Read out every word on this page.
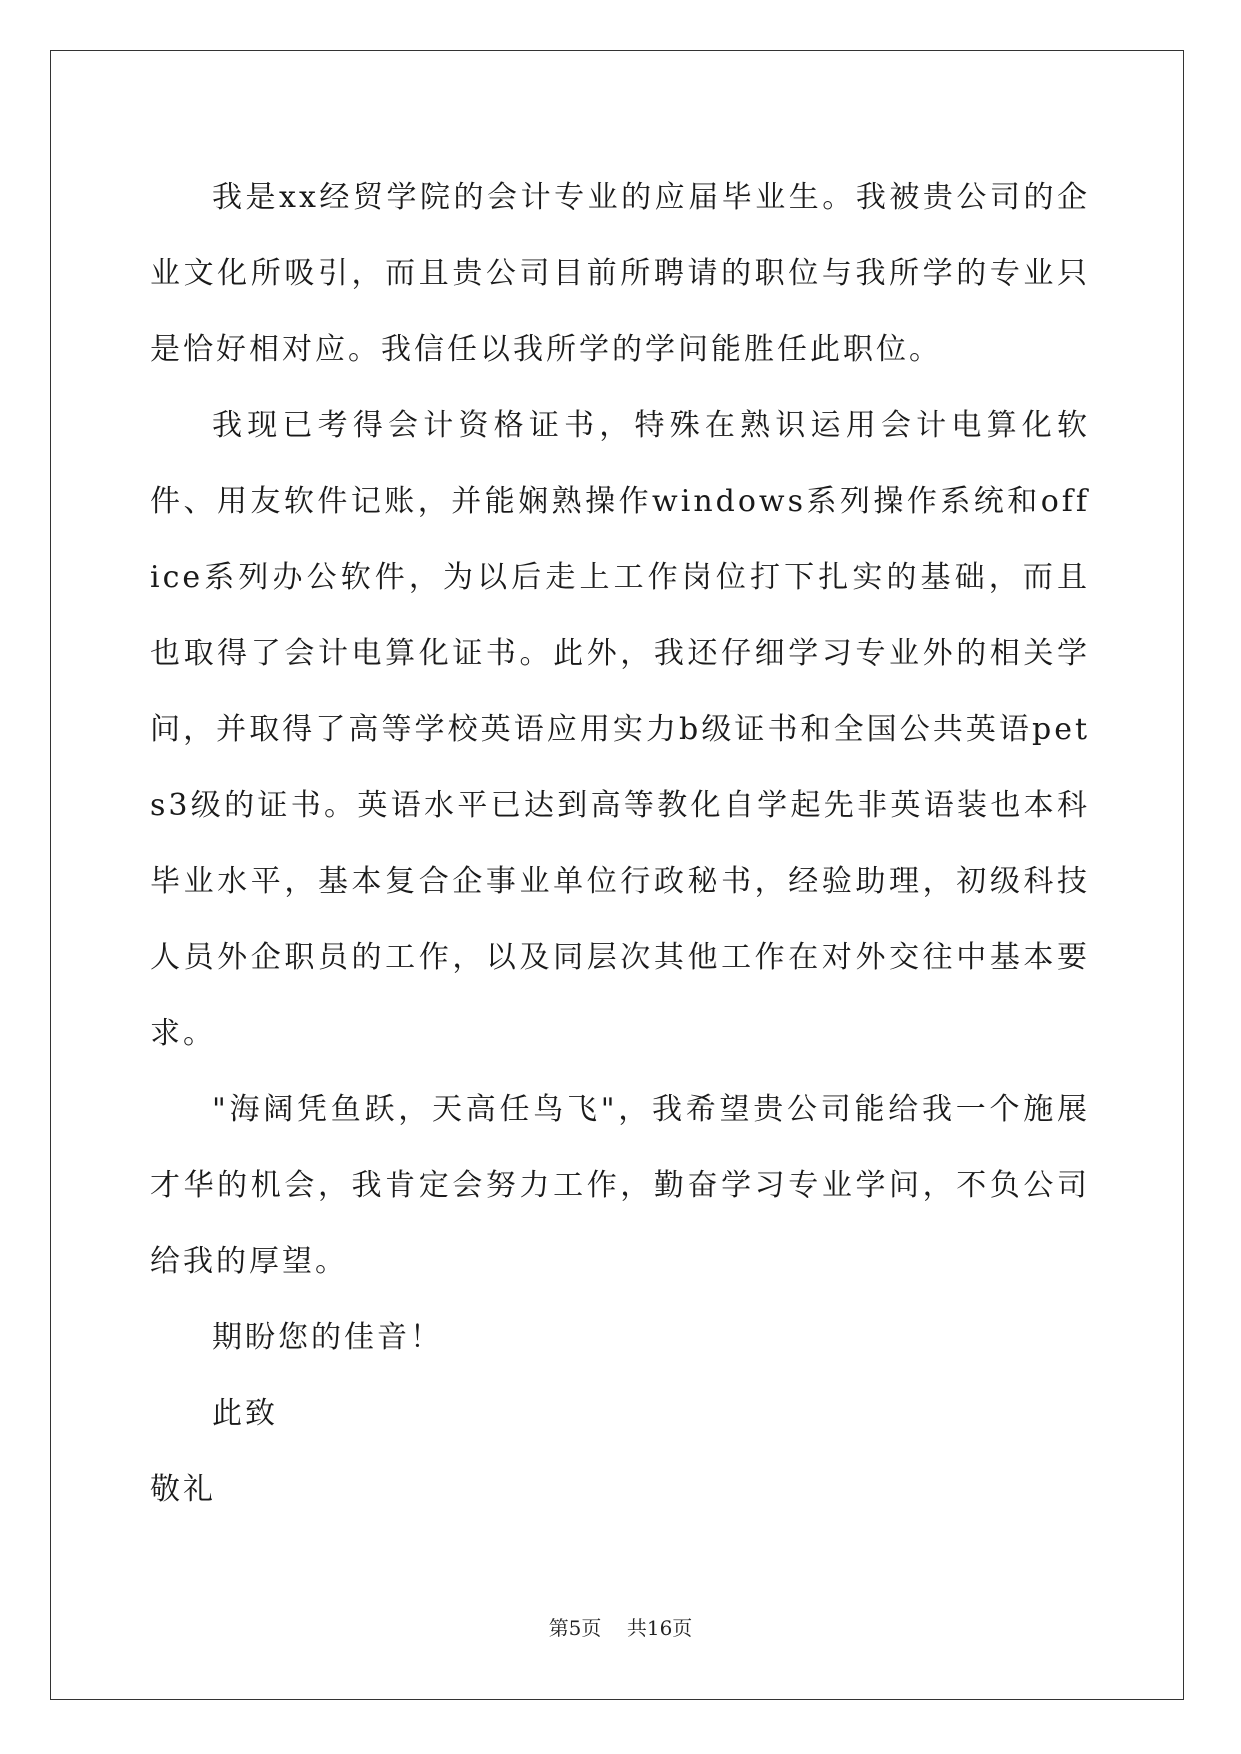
我是xx经贸学院的会计专业的应届毕业生。我被贵公司的企业文化所吸引，而且贵公司目前所聘请的职位与我所学的专业只是恰好相对应。我信任以我所学的学问能胜任此职位。

我现已考得会计资格证书，特殊在熟识运用会计电算化软件、用友软件记账，并能娴熟操作windows系列操作系统和office系列办公软件，为以后走上工作岗位打下扎实的基础，而且也取得了会计电算化证书。此外，我还仔细学习专业外的相关学问，并取得了高等学校英语应用实力b级证书和全国公共英语pets3级的证书。英语水平已达到高等教化自学起先非英语装也本科毕业水平，基本复合企事业单位行政秘书，经验助理，初级科技人员外企职员的工作，以及同层次其他工作在对外交往中基本要求。

"海阔凭鱼跃，天高任鸟飞"，我希望贵公司能给我一个施展才华的机会，我肯定会努力工作，勤奋学习专业学问，不负公司给我的厚望。

期盼您的佳音！

此致

敬礼

第5页 共16页
